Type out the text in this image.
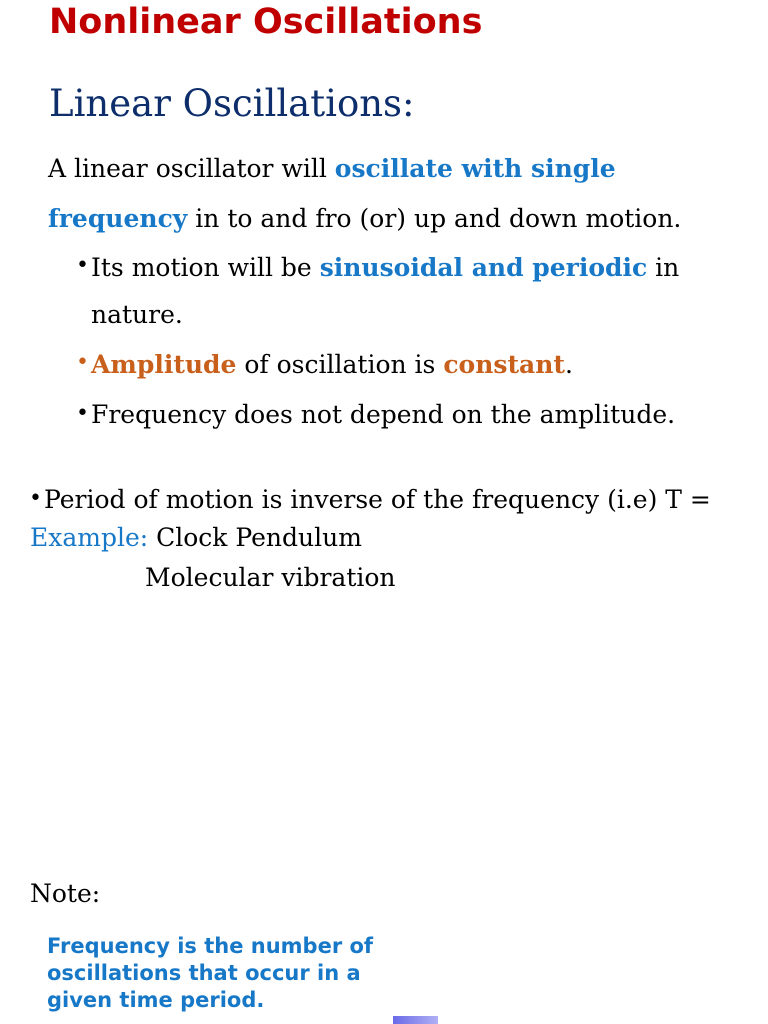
Nonlinear Oscillations
Linear Oscillations:
A linear oscillator will oscillate with single
frequency in to and fro (or) up and down motion.
• Its motion will be sinusoidal and periodic in
nature.
• Amplitude of oscillation is constant.
• Frequency does not depend on the amplitude.
• Period of motion is inverse of the frequency (i.e) T =
Example: Clock Pendulum
Molecular vibration
Note:
Frequency is the number of oscillations that occur in a given time period.
